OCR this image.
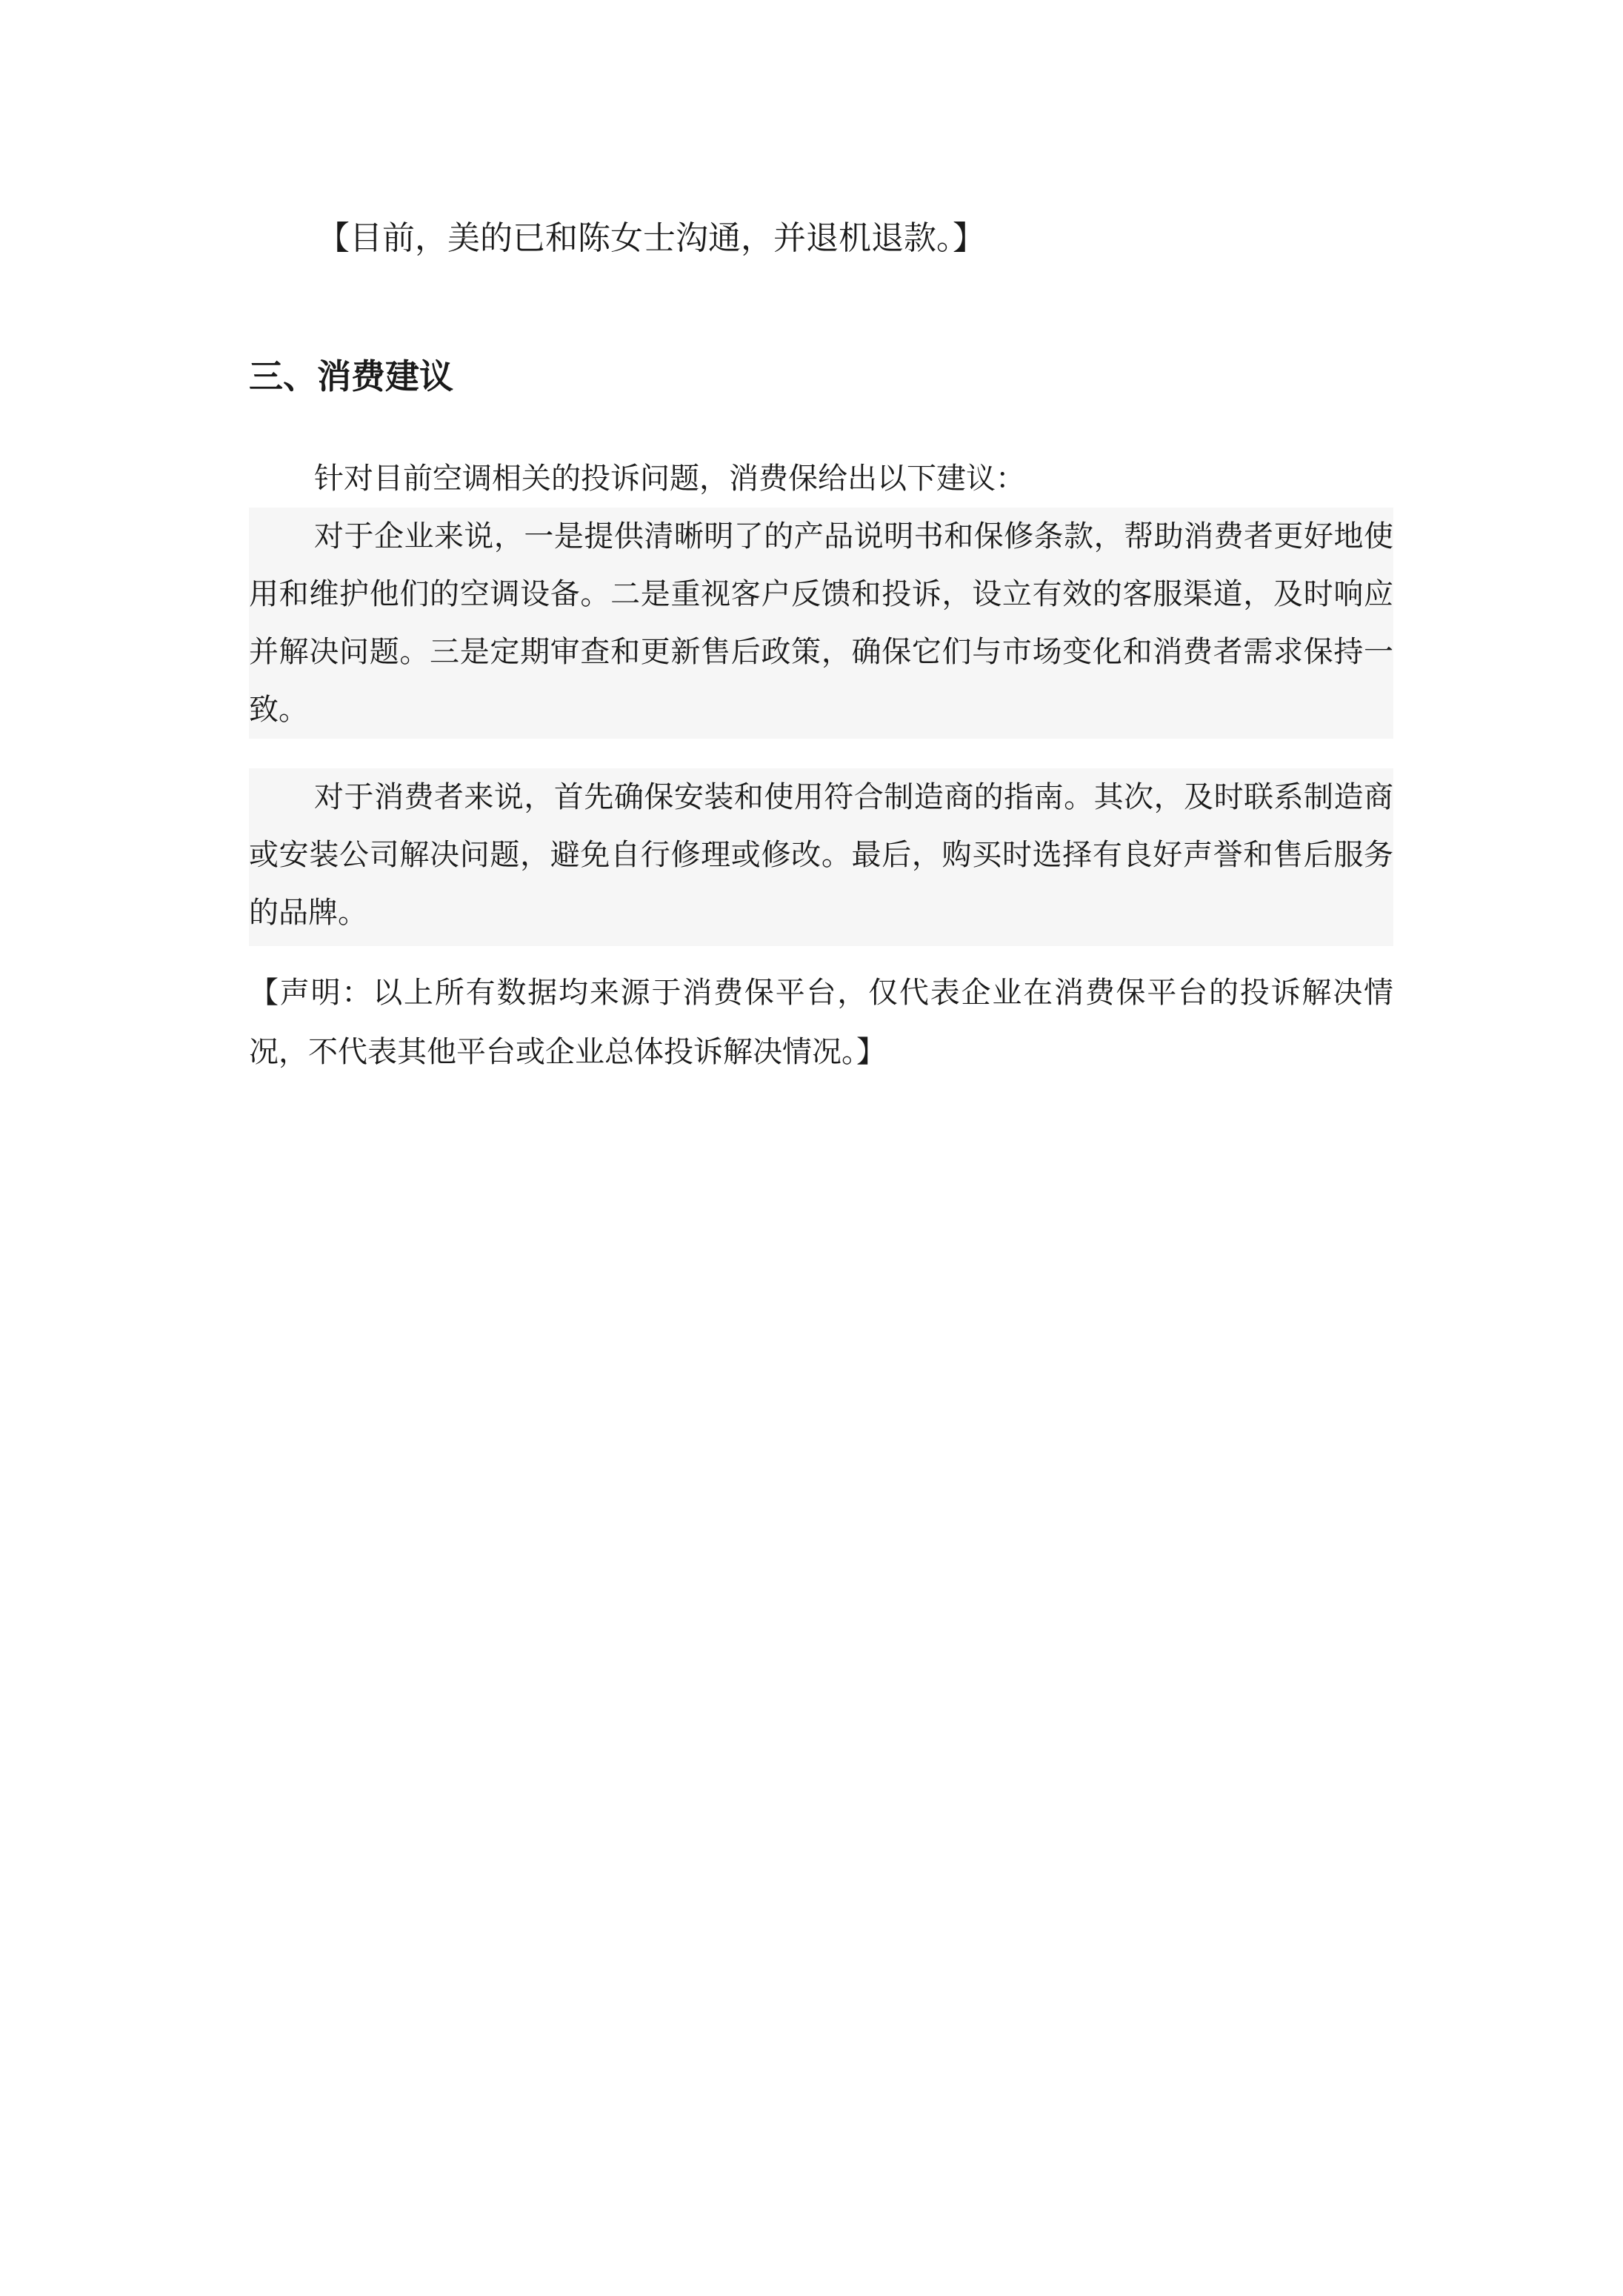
【目前，美的已和陈女士沟通，并退机退款。】
三、消费建议
针对目前空调相关的投诉问题，消费保给出以下建议：
对于企业来说，一是提供清晰明了的产品说明书和保修条款，帮助消费者更好地使用和维护他们的空调设备。二是重视客户反馈和投诉，设立有效的客服渠道，及时响应并解决问题。三是定期审查和更新售后政策，确保它们与市场变化和消费者需求保持一致。
对于消费者来说，首先确保安装和使用符合制造商的指南。其次，及时联系制造商或安装公司解决问题，避免自行修理或修改。最后，购买时选择有良好声誉和售后服务的品牌。
【声明：以上所有数据均来源于消费保平台，仅代表企业在消费保平台的投诉解决情况，不代表其他平台或企业总体投诉解决情况。】
